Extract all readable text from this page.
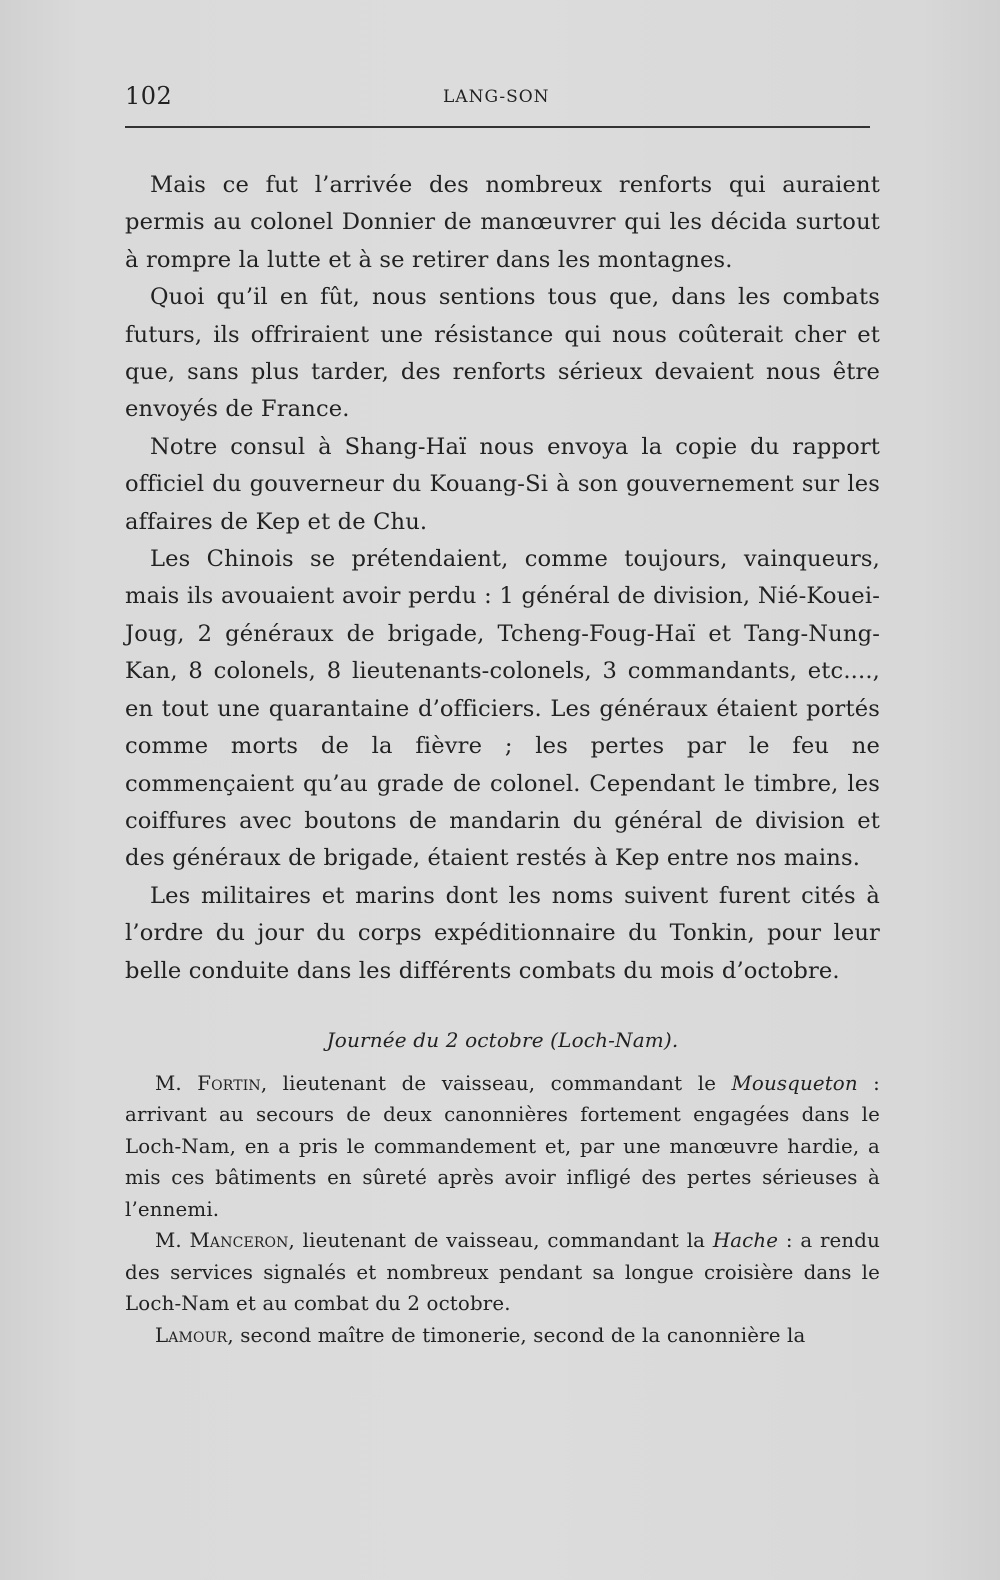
102	LANG-SON

Mais ce fut l’arrivée des nombreux renforts qui auraient permis au colonel Donnier de manœuvrer qui les décida surtout à rompre la lutte et à se retirer dans les montagnes.

Quoi qu’il en fût, nous sentions tous que, dans les combats futurs, ils offriraient une résistance qui nous coûterait cher et que, sans plus tarder, des renforts sérieux devaient nous être envoyés de France.

Notre consul à Shang-Haï nous envoya la copie du rapport officiel du gouverneur du Kouang-Si à son gouvernement sur les affaires de Kep et de Chu.

Les Chinois se prétendaient, comme toujours, vainqueurs, mais ils avouaient avoir perdu : 1 général de division, Nié-Kouei-Joug, 2 généraux de brigade, Tcheng-Foug-Haï et Tang-Nung-Kan, 8 colonels, 8 lieutenants-colonels, 3 commandants, etc...., en tout une quarantaine d’officiers. Les généraux étaient portés comme morts de la fièvre ; les pertes par le feu ne commençaient qu’au grade de colonel. Cependant le timbre, les coiffures avec boutons de mandarin du général de division et des généraux de brigade, étaient restés à Kep entre nos mains.

Les militaires et marins dont les noms suivent furent cités à l’ordre du jour du corps expéditionnaire du Tonkin, pour leur belle conduite dans les différents combats du mois d’octobre.

Journée du 2 octobre (Loch-Nam).

M. Fortin, lieutenant de vaisseau, commandant le Mousqueton : arrivant au secours de deux canonnières fortement engagées dans le Loch-Nam, en a pris le commandement et, par une manœuvre hardie, a mis ces bâtiments en sûreté après avoir infligé des pertes sérieuses à l’ennemi.

M. Manceron, lieutenant de vaisseau, commandant la Hache : a rendu des services signalés et nombreux pendant sa longue croisière dans le Loch-Nam et au combat du 2 octobre.

Lamour, second maître de timonerie, second de la canonnière la
